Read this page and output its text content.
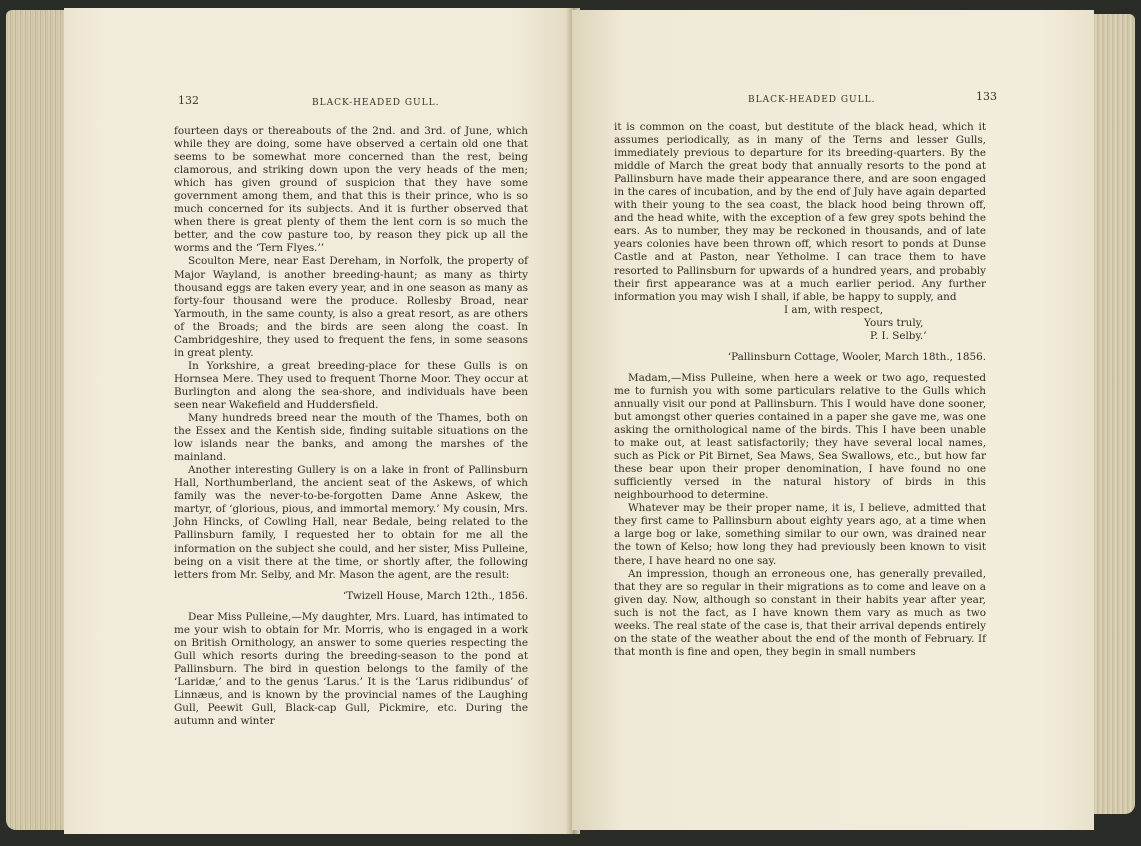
132	BLACK-HEADED GULL.

fourteen days or thereabouts of the 2nd. and 3rd. of June, which while they are doing, some have observed a certain old one that seems to be somewhat more concerned than the rest, being clamorous, and striking down upon the very heads of the men; which has given ground of suspicion that they have some government among them, and that this is their prince, who is so much concerned for its subjects. And it is further observed that when there is great plenty of them the lent corn is so much the better, and the cow pasture too, by reason they pick up all the worms and the ‘Tern Flyes.’’

Scoulton Mere, near East Dereham, in Norfolk, the property of Major Wayland, is another breeding-haunt; as many as thirty thousand eggs are taken every year, and in one season as many as forty-four thousand were the produce. Rollesby Broad, near Yarmouth, in the same county, is also a great resort, as are others of the Broads; and the birds are seen along the coast. In Cambridgeshire, they used to frequent the fens, in some seasons in great plenty.

In Yorkshire, a great breeding-place for these Gulls is on Hornsea Mere. They used to frequent Thorne Moor. They occur at Burlington and along the sea-shore, and individuals have been seen near Wakefield and Huddersfield.

Many hundreds breed near the mouth of the Thames, both on the Essex and the Kentish side, finding suitable situations on the low islands near the banks, and among the marshes of the mainland.

Another interesting Gullery is on a lake in front of Pallinsburn Hall, Northumberland, the ancient seat of the Askews, of which family was the never-to-be-forgotten Dame Anne Askew, the martyr, of ‘glorious, pious, and immortal memory.’ My cousin, Mrs. John Hincks, of Cowling Hall, near Bedale, being related to the Pallinsburn family, I requested her to obtain for me all the information on the subject she could, and her sister, Miss Pulleine, being on a visit there at the time, or shortly after, the following letters from Mr. Selby, and Mr. Mason the agent, are the result:

‘Twizell House, March 12th., 1856.

Dear Miss Pulleine,—My daughter, Mrs. Luard, has intimated to me your wish to obtain for Mr. Morris, who is engaged in a work on British Ornithology, an answer to some queries respecting the Gull which resorts during the breeding-season to the pond at Pallinsburn. The bird in question belongs to the family of the ‘Laridæ,’ and to the genus ‘Larus.’ It is the ‘Larus ridibundus’ of Linnæus, and is known by the provincial names of the Laughing Gull, Peewit Gull, Black-cap Gull, Pickmire, etc. During the autumn and winter

BLACK-HEADED GULL.	133

it is common on the coast, but destitute of the black head, which it assumes periodically, as in many of the Terns and lesser Gulls, immediately previous to departure for its breeding-quarters. By the middle of March the great body that annually resorts to the pond at Pallinsburn have made their appearance there, and are soon engaged in the cares of incubation, and by the end of July have again departed with their young to the sea coast, the black hood being thrown off, and the head white, with the exception of a few grey spots behind the ears. As to number, they may be reckoned in thousands, and of late years colonies have been thrown off, which resort to ponds at Dunse Castle and at Paston, near Yetholme. I can trace them to have resorted to Pallinsburn for upwards of a hundred years, and probably their first appearance was at a much earlier period. Any further information you may wish I shall, if able, be happy to supply, and

I am, with respect,

Yours truly,

P. I. Selby.’

‘Pallinsburn Cottage, Wooler, March 18th., 1856.

Madam,—Miss Pulleine, when here a week or two ago, requested me to furnish you with some particulars relative to the Gulls which annually visit our pond at Pallinsburn. This I would have done sooner, but amongst other queries contained in a paper she gave me, was one asking the ornithological name of the birds. This I have been unable to make out, at least satisfactorily; they have several local names, such as Pick or Pit Birnet, Sea Maws, Sea Swallows, etc., but how far these bear upon their proper denomination, I have found no one sufficiently versed in the natural history of birds in this neighbourhood to determine.

Whatever may be their proper name, it is, I believe, admitted that they first came to Pallinsburn about eighty years ago, at a time when a large bog or lake, something similar to our own, was drained near the town of Kelso; how long they had previously been known to visit there, I have heard no one say.

An impression, though an erroneous one, has generally prevailed, that they are so regular in their migrations as to come and leave on a given day. Now, although so constant in their habits year after year, such is not the fact, as I have known them vary as much as two weeks. The real state of the case is, that their arrival depends entirely on the state of the weather about the end of the month of February. If that month is fine and open, they begin in small numbers
